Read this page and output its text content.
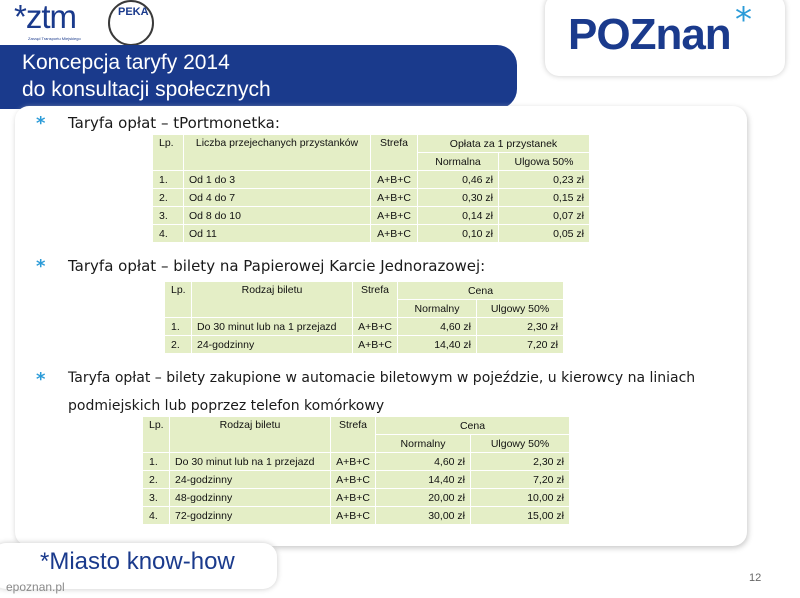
*ztm
Zarząd Transportu Miejskiego
PEKA	POZnan *
Koncepcja taryfy 2014
do konsultacji społecznych
* Taryfa opłat – tPortmonetka:
Lp.	Liczba przejechanych przystanków	Strefa	Opłata za 1 przystanek	
			Normalna	Ulgowa 50%
1.	Od 1 do 3	A+B+C	0,46 zł	0,23 zł
2.	Od 4 do 7	A+B+C	0,30 zł	0,15 zł
3.	Od 8 do 10	A+B+C	0,14 zł	0,07 zł
4.	Od 11	A+B+C	0,10 zł	0,05 zł
* Taryfa opłat – bilety na Papierowej Karcie Jednorazowej:
Lp.	Rodzaj biletu	Strefa	Cena	
			Normalny	Ulgowy 50%
1.	Do 30 minut lub na 1 przejazd	A+B+C	4,60 zł	2,30 zł
2.	24-godzinny	A+B+C	14,40 zł	7,20 zł
* Taryfa opłat – bilety zakupione w automacie biletowym w pojeździe, u kierowcy na liniach
podmiejskich lub poprzez telefon komórkowy
Lp.	Rodzaj biletu	Strefa	Cena	
			Normalny	Ulgowy 50%
1.	Do 30 minut lub na 1 przejazd	A+B+C	4,60 zł	2,30 zł
2.	24-godzinny	A+B+C	14,40 zł	7,20 zł
3.	48-godzinny	A+B+C	20,00 zł	10,00 zł
4.	72-godzinny	A+B+C	30,00 zł	15,00 zł
*Miasto know-how
12
epoznan.pl
